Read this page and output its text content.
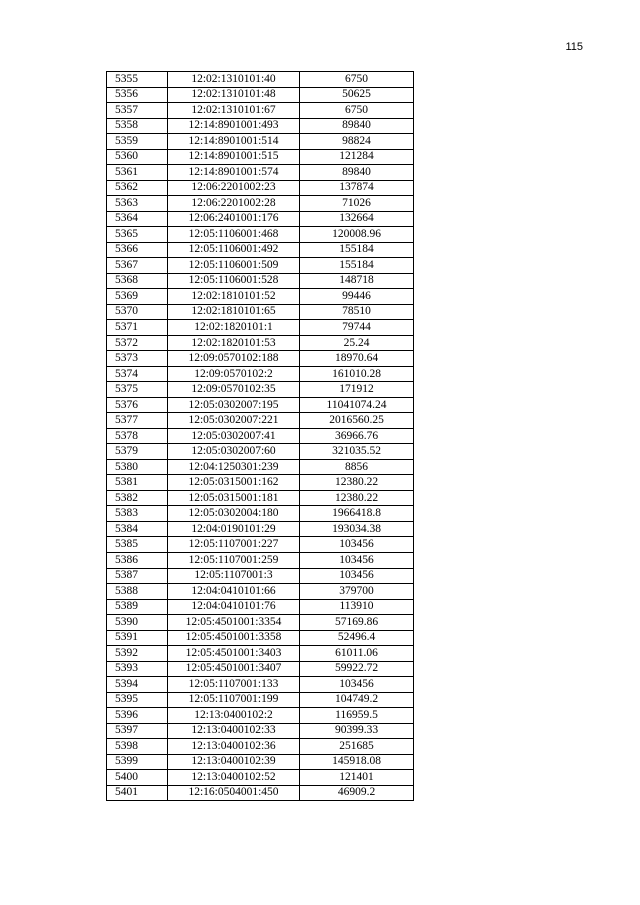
115
5355	12:02:1310101:40	6750
5356	12:02:1310101:48	50625
5357	12:02:1310101:67	6750
5358	12:14:8901001:493	89840
5359	12:14:8901001:514	98824
5360	12:14:8901001:515	121284
5361	12:14:8901001:574	89840
5362	12:06:2201002:23	137874
5363	12:06:2201002:28	71026
5364	12:06:2401001:176	132664
5365	12:05:1106001:468	120008.96
5366	12:05:1106001:492	155184
5367	12:05:1106001:509	155184
5368	12:05:1106001:528	148718
5369	12:02:1810101:52	99446
5370	12:02:1810101:65	78510
5371	12:02:1820101:1	79744
5372	12:02:1820101:53	25.24
5373	12:09:0570102:188	18970.64
5374	12:09:0570102:2	161010.28
5375	12:09:0570102:35	171912
5376	12:05:0302007:195	11041074.24
5377	12:05:0302007:221	2016560.25
5378	12:05:0302007:41	36966.76
5379	12:05:0302007:60	321035.52
5380	12:04:1250301:239	8856
5381	12:05:0315001:162	12380.22
5382	12:05:0315001:181	12380.22
5383	12:05:0302004:180	1966418.8
5384	12:04:0190101:29	193034.38
5385	12:05:1107001:227	103456
5386	12:05:1107001:259	103456
5387	12:05:1107001:3	103456
5388	12:04:0410101:66	379700
5389	12:04:0410101:76	113910
5390	12:05:4501001:3354	57169.86
5391	12:05:4501001:3358	52496.4
5392	12:05:4501001:3403	61011.06
5393	12:05:4501001:3407	59922.72
5394	12:05:1107001:133	103456
5395	12:05:1107001:199	104749.2
5396	12:13:0400102:2	116959.5
5397	12:13:0400102:33	90399.33
5398	12:13:0400102:36	251685
5399	12:13:0400102:39	145918.08
5400	12:13:0400102:52	121401
5401	12:16:0504001:450	46909.2
